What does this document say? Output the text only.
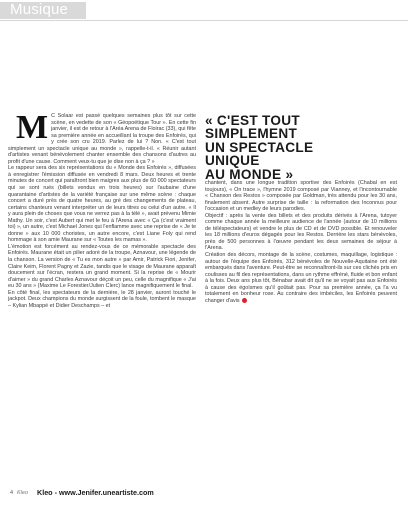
Musique
M C Solaar est passé quelques semaines plus tôt sur cette scène, en vedette de son « Géopoétique Tour ». En cette fin janvier, il est de retour à l'Aréa Arena de Floirac (33), qui fête sa première année en accueillant la troupe des Enfoirés, qui y crée son cru 2019. Parlez de lui ? Non. « C'est tout simplement un spectacle unique au monde », rappelle-t-il. « Réunir autant d'artistes venant bénévolement chanter ensemble des chansons d'autres au profit d'une cause. Comment veux-tu que je dise non à ça ? »

Le rappeur sera des six représentations du « Monde des Enfoirés », diffusées à enregistrer l'émission diffusée en vendredi 8 mars. Deux heures et trente minutes de concert qui paraîtront bien maigres aux plus de 60 000 spectateurs qui se sont rués (billets vendus en trois heures) sur l'aubaine d'une quarantaine d'artistes de la variété française sur une même scène : chaque concert a duré près de quatre heures, au gré des changements de plateau, certains chanteurs venant interpréter un de leurs titres ou celui d'un autre. « Il y aura plein de choses que vous ne verrez pas à la télé », avait prévenu Mimie Mathy. Un soir, c'est Aubert qui met le feu à l'Arena avec « Ça (c'est vraiment toi) », un autre, c'est Michael Jones qui l'enflamme avec une reprise de « Je te donne » aux 10 000 choristes, un autre encore, c'est Liane Foly qui rend hommage à son amie Maurane sur « Toutes les mamas ».

L'émotion est forcément au rendez-vous de ce mémorable spectacle des Enfoirés. Maurane était un pilier adoré de la troupe, Aznavour, une légende de la chanson. La version de « Tu es mon autre » par Amir, Patrick Fiori, Jenifer, Claire Keim, Florent Pagny et Zazie, tandis que le visage de Maurane apparaît doucement sur l'écran, restera un grand moment. Si la reprise de « Mourir d'aimer » du grand Charles Aznavour déçoit un peu, celle du magnifique « J'ai eu 30 ans » (Maxime Le Forestier/Julien Clerc) lance magnifiquement le final.

En côté final, les spectateurs de la dernière, le 28 janvier, auront touché le jackpot. Deux champions du monde surgissent de la foule, tombent le masque – Kylian Mbappé et Didier Deschamps – et

« C'EST TOUT
SIMPLEMENT
UN SPECTACLE
UNIQUE
AU MONDE »

chantent, dans une longue tradition sportive des Enfoirés (Chabal en est toujours), « On trace », l'hymne 2019 composé par Vianney, et l'incontournable « Chanson des Restos » composée par Goldman, très attendu pour les 30 ans, finalement absent. Autre surprise de taille : la reformation des Inconnus pour l'occasion et un medley de leurs parodies.

Objectif : après la vente des billets et des produits dérivés à l'Arena, tutoyer comme chaque année la meilleure audience de l'année (autour de 10 millions de téléspectateurs) et vendre le plus de CD et de DVD possible. Et renouveler les 18 millions d'euros dégagés pour les Restos. Derrière les stars bénévoles, près de 500 personnes à l'œuvre pendant les deux semaines de séjour à l'Arena.

Création des décors, montage de la scène, costumes, maquillage, logistique : autour de l'équipe des Enfoirés, 312 bénévoles de Nouvelle-Aquitaine ont été embarqués dans l'aventure. Peut-être se reconnaîtront-ils sur ces clichés pris en coulisses au fil des représentations, dans un rythme effréné, fluide et bon enfant à la fois. Deux ans plus tôt, Bénabar avait dit qu'il ne se voyait pas aux Enfoirés à cause des égoïsmes qu'il goûtait pas. Pour sa première année, ça l'a vu totalement en bonheur rose. Au contraire des imbéciles, les Enfoirés peuvent changer d'avis

4 Kleo Kleo - www.Jenifer.uneartiste.com
